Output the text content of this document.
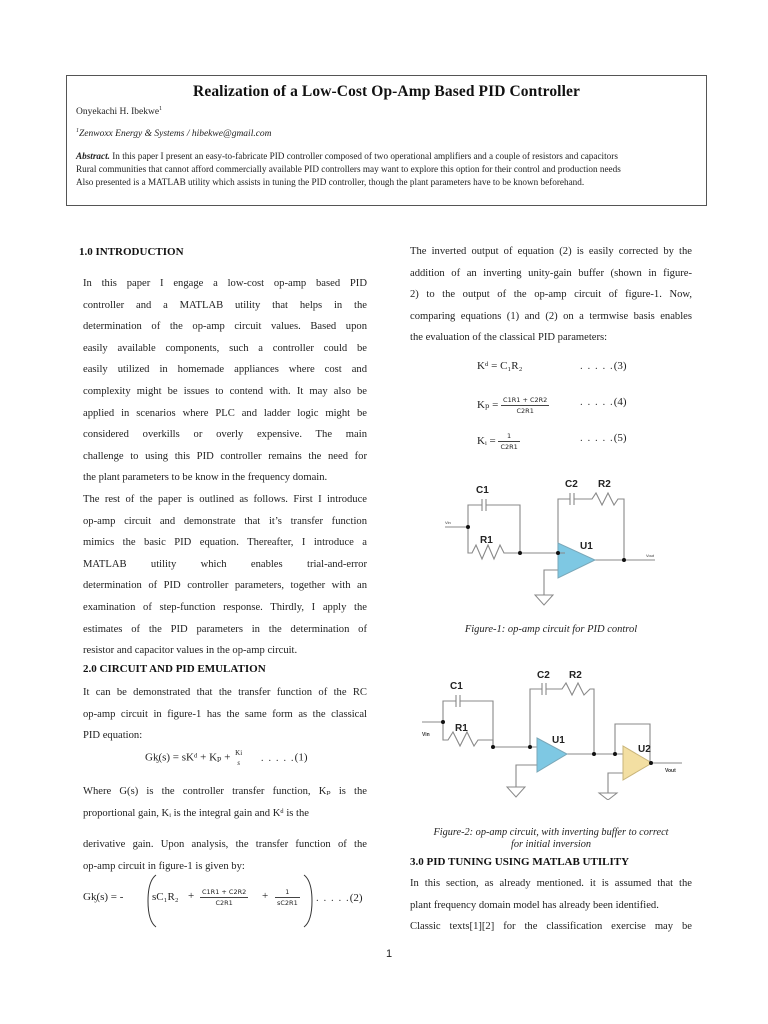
Realization of a Low-Cost Op-Amp Based PID Controller
Onyekachi H. Ibekwe$^1$
$^1$Zenwoxx Energy & Systems / hibekwe@gmail.com
Abstract. In this paper I present an easy-to-fabricate PID controller composed of two operational amplifiers and a couple of resistors and capacitors
Rural communities that cannot afford commercially available PID controllers may want to explore this option for their control and production needs
Also presented is a MATLAB utility which assists in tuning the PID controller, though the plant parameters have to be known beforehand.
1.0 INTRODUCTION
In this paper I engage a low-cost op-amp based PID
controller and a MATLAB utility that helps in the
determination of the op-amp circuit values. Based upon
easily available components, such a controller could be
easily utilized in homemade appliances where cost and
complexity might be issues to contend with. It may also be
applied in scenarios where PLC and ladder logic might be
considered overkills or overly expensive. The main
challenge to using this PID controller remains the need for
the plant parameters to be know in the frequency domain.
The rest of the paper is outlined as follows. First I introduce
op-amp circuit and demonstrate that it’s transfer function
mimics the basic PID equation. Thereafter, I introduce a
MATLAB utility which enables trial-and-error
determination of PID controller parameters, together with an
examination of step-function response. Thirdly, I apply the
estimates of the PID parameters in the determination of
resistor and capacitor values in the op-amp circuit.
2.0 CIRCUIT AND PID EMULATION
It can be demonstrated that the transfer function of the RC
op-amp circuit in figure-1 has the same form as the classical
PID equation:
Gᶄ(s) = sKᵈ + Kₚ + Ki
s	. . . . .(1)
Where G(s) is the controller transfer function, Kₚ is the
proportional gain, Kᵢ is the integral gain and Kᵈ is the
derivative gain. Upon analysis, the transfer function of the
op-amp circuit in figure-1 is given by:
Gᶄ(s) = -	$sC_1R_2 + \frac{C1R1 + C2R2}{C2R1} + \frac{1}{sC2R1}$ . . . . .(2)
The inverted output of equation (2) is easily corrected by the
addition of an inverting unity-gain buffer (shown in figure-
2) to the output of the op-amp circuit of figure-1. Now,
comparing equations (1) and (2) on a termwise basis enables
the evaluation of the classical PID parameters:
Kᵈ = C₁R₂	. . . . .(3)
$K_p = \frac{C1R1 + C2R2}{C2R1}$	. . . . .(4)
Kᵢ = $\frac{1}{C2R1}$	. . . . .(5)
C1
R1
C2 R2
U1
Vin
Vout
Figure-1: op-amp circuit for PID control
C1
R1
C2 R2
U1
U2
Vin
Vout
Figure-2: op-amp circuit, with inverting buffer to correct
for initial inversion
3.0 PID TUNING USING MATLAB UTILITY
In this section, as already mentioned. it is assumed that the
plant frequency domain model has already been identified.
Classic texts[1][2] for the classification exercise may be
1
